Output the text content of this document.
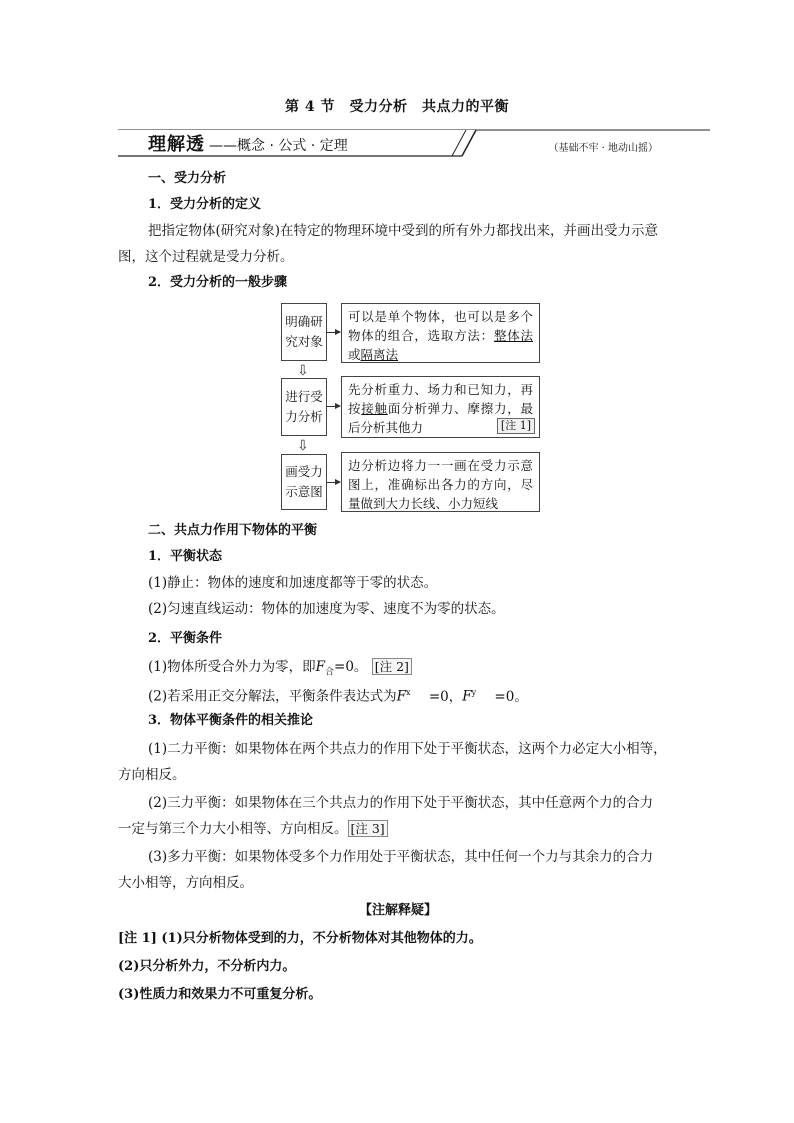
第 4 节　受力分析　共点力的平衡
理解透 ——概念 · 公式 · 定理	（基础不牢 · 地动山摇）
一、受力分析
1．受力分析的定义
把指定物体(研究对象)在特定的物理环境中受到的所有外力都找出来，并画出受力示意
图，这个过程就是受力分析。
2．受力分析的一般步骤
明确研究对象
可以是单个物体，也可以是多个物体的组合，选取方法：整体法或隔离法
⇩
进行受力分析
先分析重力、场力和已知力，再按接触面分析弹力、摩擦力，最后分析其他力	[注 1]
⇩
画受力示意图
边分析边将力一一画在受力示意图上，准确标出各力的方向，尽量做到大力长线、小力短线
二、共点力作用下物体的平衡
1．平衡状态
(1)静止：物体的速度和加速度都等于零的状态。
(2)匀速直线运动：物体的加速度为零、速度不为零的状态。
2．平衡条件
(1)物体所受合外力为零，即$F_合=0$。 [注 2]
(2)若采用正交分解法，平衡条件表达式为$F^x =0$，$F^y =0$。
3．物体平衡条件的相关推论
(1)二力平衡：如果物体在两个共点力的作用下处于平衡状态，这两个力必定大小相等，
方向相反。
(2)三力平衡：如果物体在三个共点力的作用下处于平衡状态，其中任意两个力的合力
一定与第三个力大小相等、方向相反。 [注 3]
(3)多力平衡：如果物体受多个力作用处于平衡状态，其中任何一个力与其余力的合力
大小相等，方向相反。
【注解释疑】
[注 1] (1)只分析物体受到的力，不分析物体对其他物体的力。
(2)只分析外力，不分析内力。
(3)性质力和效果力不可重复分析。
